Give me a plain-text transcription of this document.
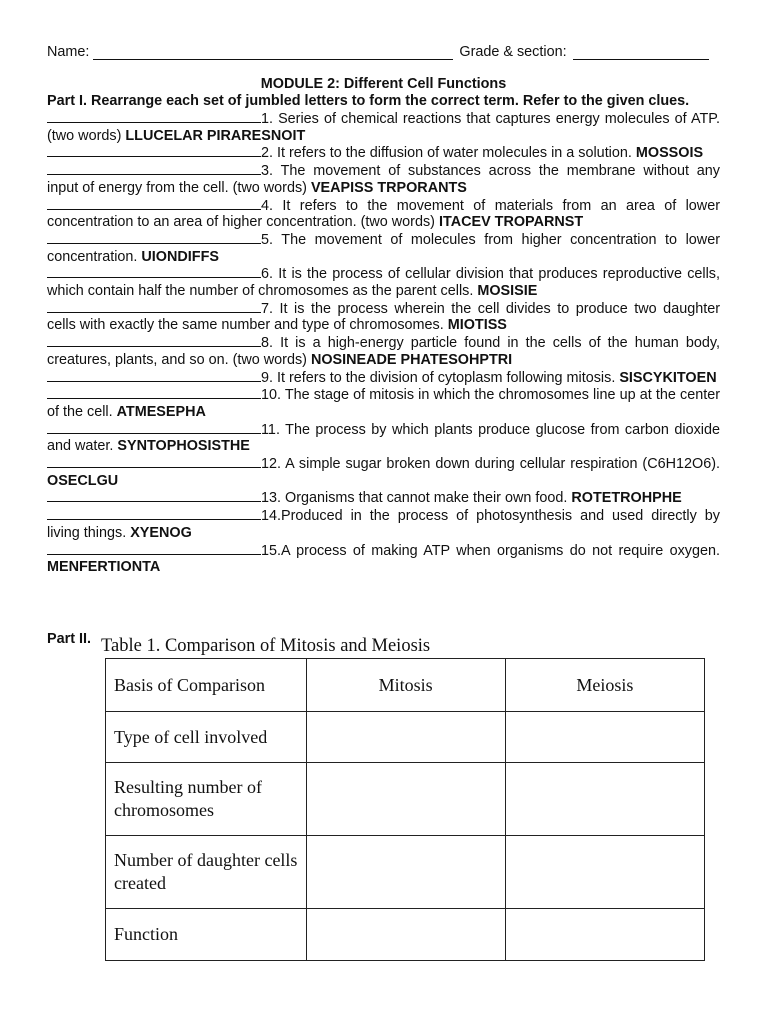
Name:	Grade & section:
MODULE 2: Different Cell Functions
Part I. Rearrange each set of jumbled letters to form the correct term. Refer to the given clues.
1. Series of chemical reactions that captures energy molecules of ATP. (two words) LLUCELAR PIRARESNOIT
2. It refers to the diffusion of water molecules in a solution. MOSSOIS
3. The movement of substances across the membrane without any input of energy from the cell. (two words) VEAPISS TRPORANTS
4. It refers to the movement of materials from an area of lower concentration to an area of higher concentration. (two words) ITACEV TROPARNST
5. The movement of molecules from higher concentration to lower concentration. UIONDIFFS
6. It is the process of cellular division that produces reproductive cells, which contain half the number of chromosomes as the parent cells. MOSISIE
7. It is the process wherein the cell divides to produce two daughter cells with exactly the same number and type of chromosomes. MIOTISS
8. It is a high-energy particle found in the cells of the human body, creatures, plants, and so on. (two words) NOSINEADE PHATESOHPTRI
9. It refers to the division of cytoplasm following mitosis. SISCYKITOEN
10. The stage of mitosis in which the chromosomes line up at the center of the cell. ATMESEPHA
11. The process by which plants produce glucose from carbon dioxide and water. SYNTOPHOSISTHE
12. A simple sugar broken down during cellular respiration (C6H12O6). OSECLGU
13. Organisms that cannot make their own food. ROTETROHPHE
14.Produced in the process of photosynthesis and used directly by living things. XYENOG
15.A process of making ATP when organisms do not require oxygen. MENFERTIONTA
Part II. Table 1. Comparison of Mitosis and Meiosis
Basis of Comparison	Mitosis	Meiosis
Type of cell involved		
Resulting number of chromosomes		
Number of daughter cells created		
Function		
